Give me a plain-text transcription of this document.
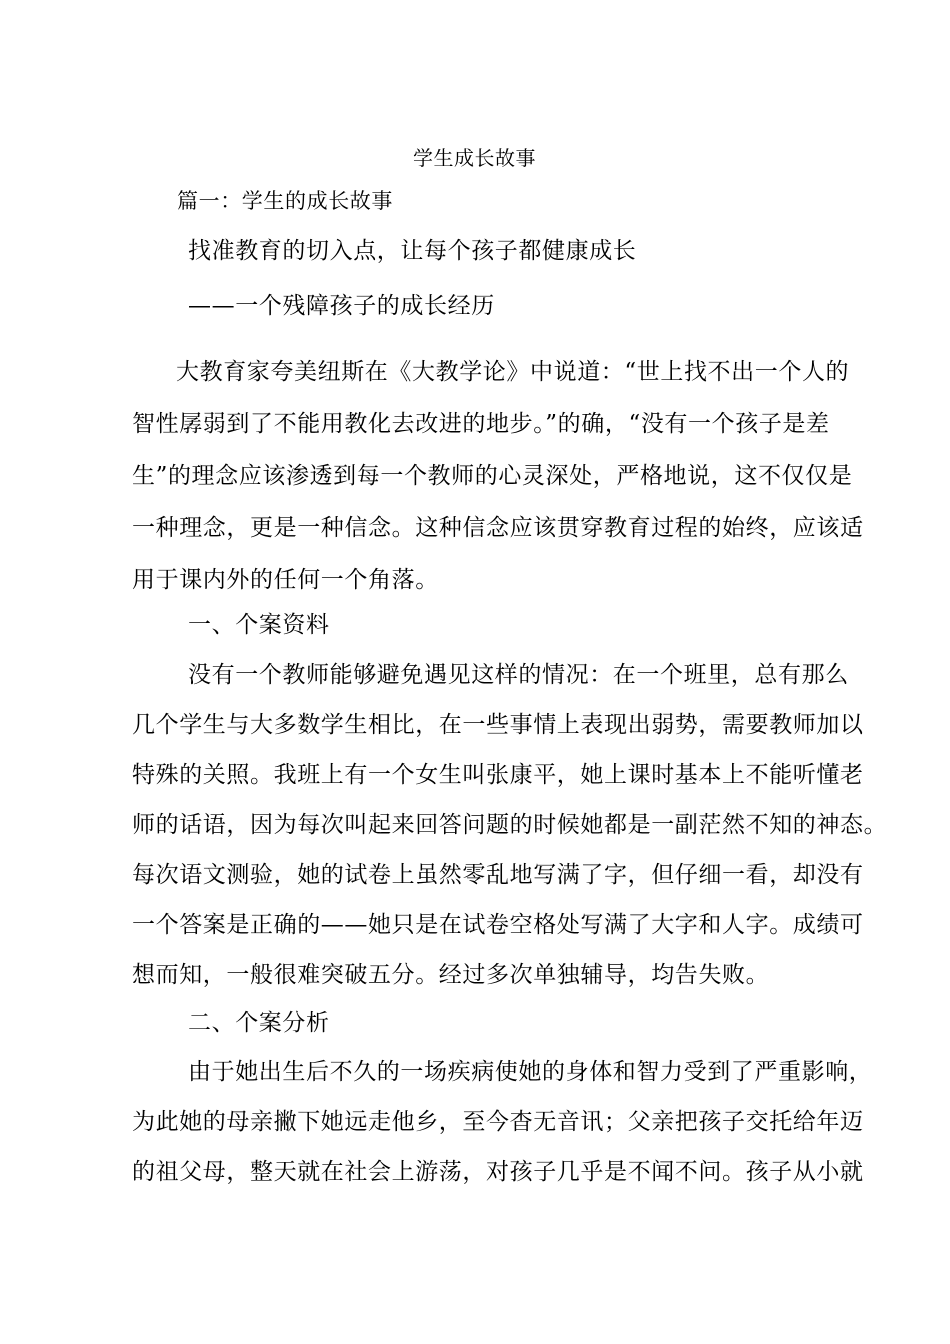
学生成长故事

篇一：学生的成长故事

找准教育的切入点，让每个孩子都健康成长

——一个残障孩子的成长经历

大教育家夸美纽斯在《大教学论》中说道：“世上找不出一个人的

智性孱弱到了不能用教化去改进的地步。”的确，“没有一个孩子是差

生”的理念应该渗透到每一个教师的心灵深处，严格地说，这不仅仅是

一种理念，更是一种信念。这种信念应该贯穿教育过程的始终，应该适

用于课内外的任何一个角落。

一、个案资料

没有一个教师能够避免遇见这样的情况：在一个班里，总有那么

几个学生与大多数学生相比，在一些事情上表现出弱势，需要教师加以

特殊的关照。我班上有一个女生叫张康平，她上课时基本上不能听懂老

师的话语，因为每次叫起来回答问题的时候她都是一副茫然不知的神态。

每次语文测验，她的试卷上虽然零乱地写满了字，但仔细一看，却没有

一个答案是正确的——她只是在试卷空格处写满了大字和人字。成绩可

想而知，一般很难突破五分。经过多次单独辅导，均告失败。

二、个案分析

由于她出生后不久的一场疾病使她的身体和智力受到了严重影响，

为此她的母亲撇下她远走他乡，至今杳无音讯；父亲把孩子交托给年迈

的祖父母，整天就在社会上游荡，对孩子几乎是不闻不问。孩子从小就
